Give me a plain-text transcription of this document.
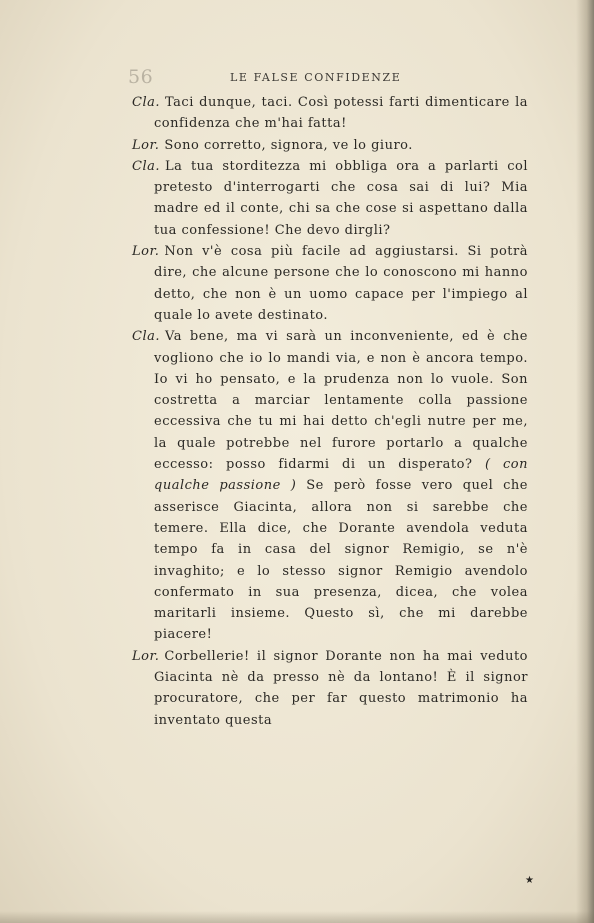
56	LE FALSE CONFIDENZE

Cla. Taci dunque, taci. Così potessi farti dimenticare la confidenza che m'hai fatta!

Lor. Sono corretto, signora, ve lo giuro.

Cla. La tua storditezza mi obbliga ora a parlarti col pretesto d'interrogarti che cosa sai di lui? Mia madre ed il conte, chi sa che cose si aspettano dalla tua confessione! Che devo dirgli?

Lor. Non v'è cosa più facile ad aggiustarsi. Si potrà dire, che alcune persone che lo conoscono mi hanno detto, che non è un uomo capace per l'impiego al quale lo avete destinato.

Cla. Va bene, ma vi sarà un inconveniente, ed è che vogliono che io lo mandi via, e non è ancora tempo. Io vi ho pensato, e la prudenza non lo vuole. Son costretta a marciar lentamente colla passione eccessiva che tu mi hai detto ch'egli nutre per me, la quale potrebbe nel furore portarlo a qualche eccesso: posso fidarmi di un disperato? ( con qualche passione ) Se però fosse vero quel che asserisce Giacinta, allora non si sarebbe che temere. Ella dice, che Dorante avendola veduta tempo fa in casa del signor Remigio, se n'è invaghito; e lo stesso signor Remigio avendolo confermato in sua presenza, dicea, che volea maritarli insieme. Questo sì, che mi darebbe piacere!

Lor. Corbellerie! il signor Dorante non ha mai veduto Giacinta nè da presso nè da lontano! È il signor procuratore, che per far questo matrimonio ha inventato questa

★
